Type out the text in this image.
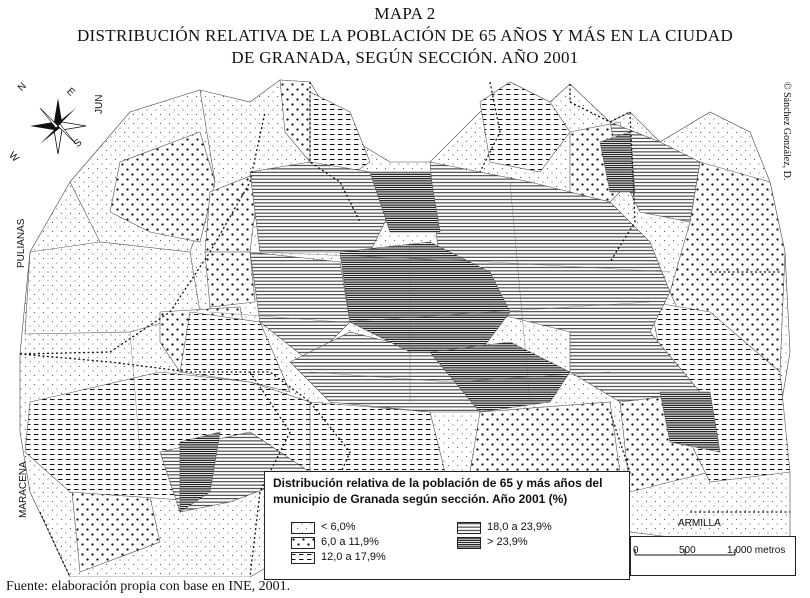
MAPA 2
DISTRIBUCIÓN RELATIVA DE LA POBLACIÓN DE 65 AÑOS Y MÁS EN LA CIUDAD
DE GRANADA, SEGÚN SECCIÓN. AÑO 2001
N	E
S
W
JUN
PULIANAS
MARACENA
ARMILLA
© Sánchez González, D.
Distribución relativa de la población de 65 y más años del
municipio de Granada según sección. Año 2001 (%)
< 6,0%
6,0 a 11,9%
12,0 a 17,9%
18,0 a 23,9%
> 23,9%
0	500	1.000 metros
Fuente: elaboración propia con base en INE, 2001.
